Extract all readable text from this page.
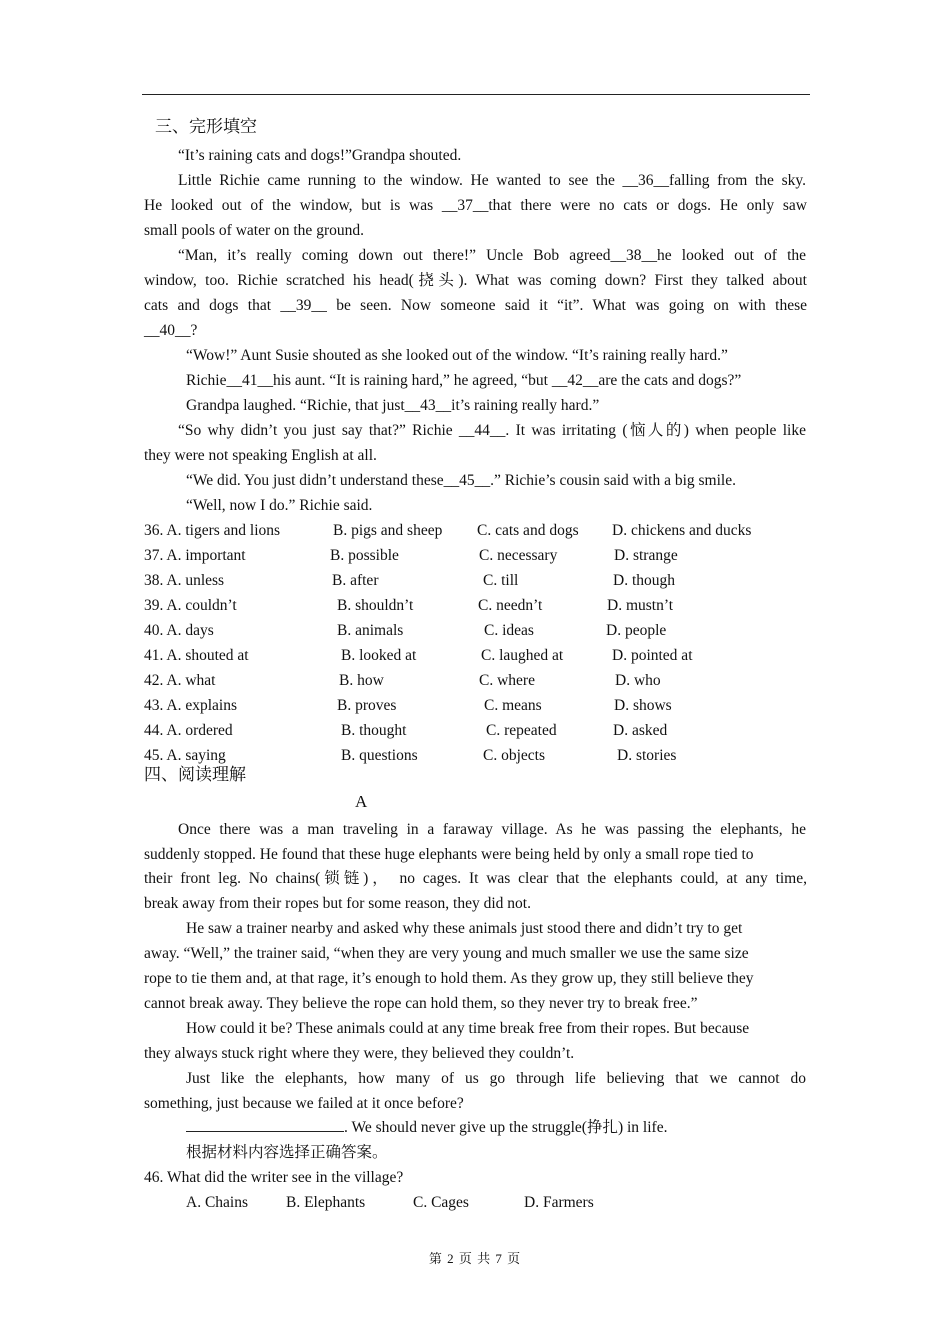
三、完形填空
“It’s raining cats and dogs!”Grandpa shouted.
Little Richie came running to the window. He wanted to see the __36__falling from the sky.
He looked out of the window, but is was __37__that there were no cats or dogs. He only saw
small pools of water on the ground.
“Man, it’s really coming down out there!” Uncle Bob agreed__38__he looked out of the
window, too. Richie scratched his head(挠头). What was coming down? First they talked about
cats and dogs that __39__ be seen. Now someone said it “it”. What was going on with these
__40__?
“Wow!” Aunt Susie shouted as she looked out of the window. “It’s raining really hard.”
Richie__41__his aunt. “It is raining hard,” he agreed, “but __42__are the cats and dogs?”
Grandpa laughed. “Richie, that just__43__it’s raining really hard.”
“So why didn’t you just say that?” Richie __44__. It was irritating (恼人的) when people like
they were not speaking English at all.
“We did. You just didn’t understand these__45__.” Richie’s cousin said with a big smile.
“Well, now I do.” Richie said.
36. A. tigers and lions	B. pigs and sheep C. cats and dogs D. chickens and ducks
37. A. important	B. possible	C. necessary	D. strange
38. A. unless	B. after	C. till	D. though
39. A. couldn’t	B. shouldn’t	C. needn’t	D. mustn’t
40. A. days	B. animals	C. ideas	D. people
41. A. shouted at	B. looked at	C. laughed at	D. pointed at
42. A. what	B. how	C. where	D. who
43. A. explains	B. proves	C. means	D. shows
44. A. ordered	B. thought	C. repeated	D. asked
45. A. saying	B. questions	C. objects	D. stories
四、阅读理解
A
Once there was a man traveling in a faraway village. As he was passing the elephants, he
suddenly stopped. He found that these huge elephants were being held by only a small rope tied to
their front leg. No chains(锁链)， no cages. It was clear that the elephants could, at any time,
break away from their ropes but for some reason, they did not.
He saw a trainer nearby and asked why these animals just stood there and didn’t try to get
away. “Well,” the trainer said, “when they are very young and much smaller we use the same size
rope to tie them and, at that rage, it’s enough to hold them. As they grow up, they still believe they
cannot break away. They believe the rope can hold them, so they never try to break free.”
How could it be? These animals could at any time break free from their ropes. But because
they always stuck right where they were, they believed they couldn’t.
Just like the elephants, how many of us go through life believing that we cannot do
something, just because we failed at it once before?
. We should never give up the struggle(挣扎) in life.
根据材料内容选择正确答案。
46. What did the writer see in the village?
A. Chains B. Elephants	C. Cages	D. Farmers
第 2 页 共 7 页
